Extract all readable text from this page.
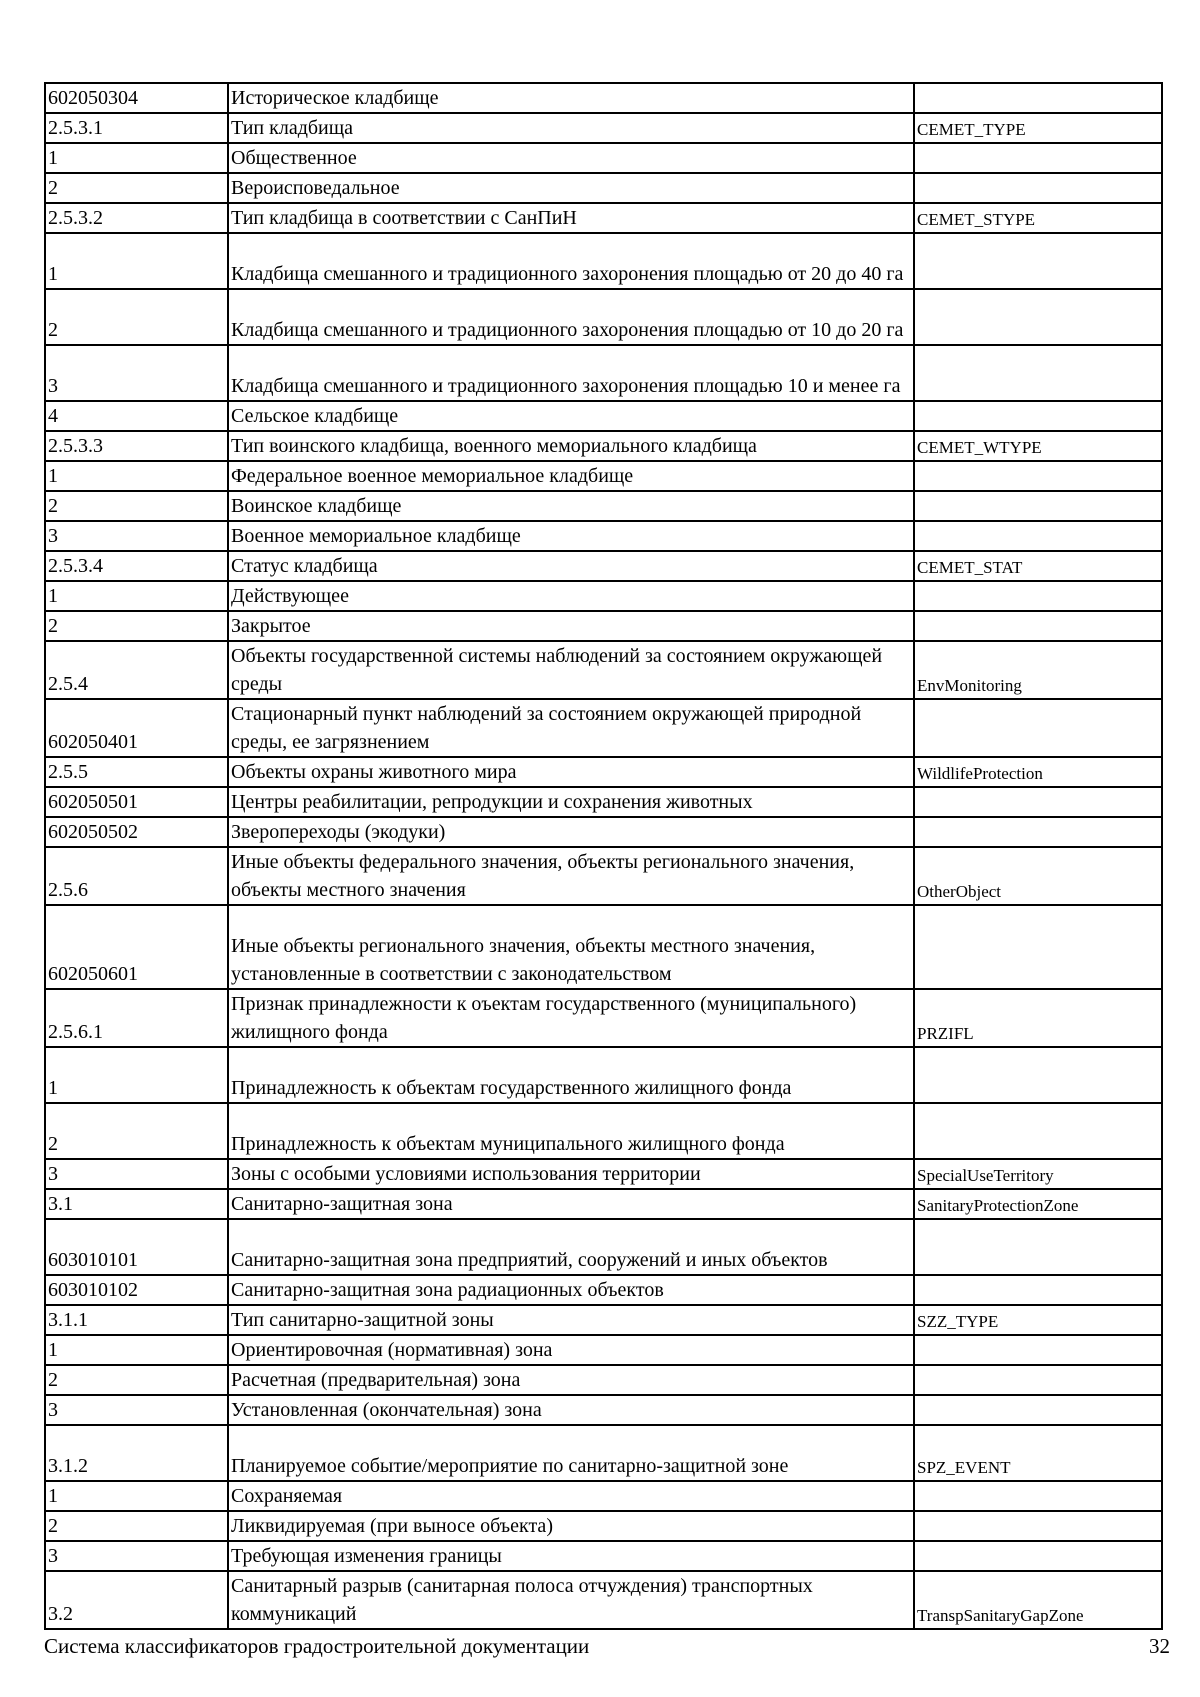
602050304	Историческое кладбище	
2.5.3.1	Тип кладбища	CEMET_TYPE
1	Общественное	
2	Вероисповедальное	
2.5.3.2	Тип кладбища в соответствии с СанПиН	CEMET_STYPE
1	Кладбища смешанного и традиционного захоронения площадью от 20 до 40 га	
2	Кладбища смешанного и традиционного захоронения площадью от 10 до 20 га	
3	Кладбища смешанного и традиционного захоронения площадью 10 и менее га	
4	Сельское кладбище	
2.5.3.3	Тип воинского кладбища, военного мемориального кладбища	CEMET_WTYPE
1	Федеральное военное мемориальное кладбище	
2	Воинское кладбище	
3	Военное мемориальное кладбище	
2.5.3.4	Статус кладбища	CEMET_STAT
1	Действующее	
2	Закрытое	
2.5.4	Объекты государственной системы наблюдений за состоянием окружающей среды	EnvMonitoring
602050401	Стационарный пункт наблюдений за состоянием окружающей природной среды, ее загрязнением	
2.5.5	Объекты охраны животного мира	WildlifeProtection
602050501	Центры реабилитации, репродукции и сохранения животных	
602050502	Зверопереходы (экодуки)	
2.5.6	Иные объекты федерального значения, объекты регионального значения, объекты местного значения	OtherObject
602050601	Иные объекты регионального значения, объекты местного значения, установленные в соответствии с законодательством	
2.5.6.1	Признак принадлежности к оъектам государственного (муниципального) жилищного фонда	PRZIFL
1	Принадлежность к объектам государственного жилищного фонда	
2	Принадлежность к объектам муниципального жилищного фонда	
3	Зоны с особыми условиями использования территории	SpecialUseTerritory
3.1	Санитарно-защитная зона	SanitaryProtectionZone
603010101	Санитарно-защитная зона предприятий, сооружений и иных объектов	
603010102	Санитарно-защитная зона радиационных объектов	
3.1.1	Тип санитарно-защитной зоны	SZZ_TYPE
1	Ориентировочная (нормативная) зона	
2	Расчетная (предварительная) зона	
3	Установленная (окончательная) зона	
3.1.2	Планируемое событие/мероприятие по санитарно-защитной зоне	SPZ_EVENT
1	Сохраняемая	
2	Ликвидируемая (при выносе объекта)	
3	Требующая изменения границы	
3.2	Санитарный разрыв (санитарная полоса отчуждения) транспортных коммуникаций	TranspSanitaryGapZone
Система классификаторов градостроительной документации	32
